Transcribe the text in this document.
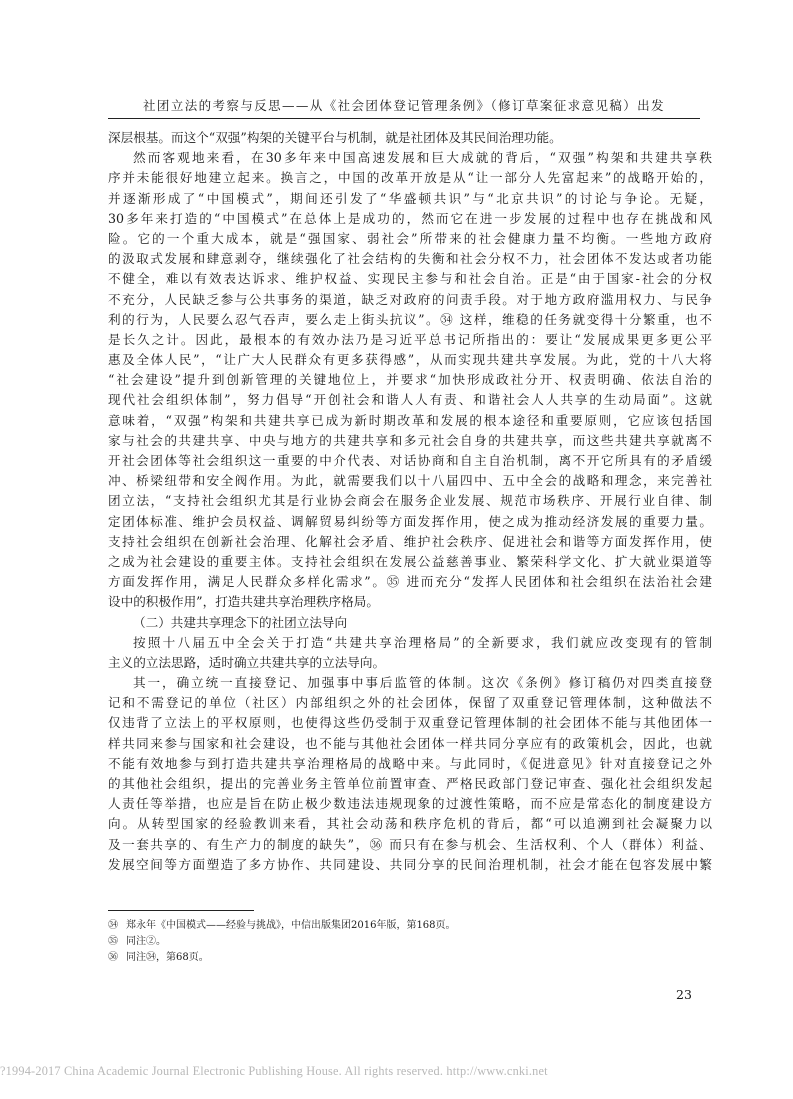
社团立法的考察与反思——从《社会团体登记管理条例》（修订草案征求意见稿）出发
深层根基。而这个“双强”构架的关键平台与机制，就是社团体及其民间治理功能。
然而客观地来看，在30多年来中国高速发展和巨大成就的背后，“双强”构架和共建共享秩
序并未能很好地建立起来。换言之，中国的改革开放是从“让一部分人先富起来”的战略开始的，
并逐渐形成了“中国模式”，期间还引发了“华盛顿共识”与“北京共识”的讨论与争论。无疑，
30多年来打造的“中国模式”在总体上是成功的，然而它在进一步发展的过程中也存在挑战和风
险。它的一个重大成本，就是“强国家、弱社会”所带来的社会健康力量不均衡。一些地方政府
的汲取式发展和肆意剥夺，继续强化了社会结构的失衡和社会分权不力，社会团体不发达或者功能
不健全，难以有效表达诉求、维护权益、实现民主参与和社会自治。正是“由于国家-社会的分权
不充分，人民缺乏参与公共事务的渠道，缺乏对政府的问责手段。对于地方政府滥用权力、与民争
利的行为，人民要么忍气吞声，要么走上街头抗议”。㉞ 这样，维稳的任务就变得十分繁重，也不
是长久之计。因此，最根本的有效办法乃是习近平总书记所指出的：要让“发展成果更多更公平
惠及全体人民”，“让广大人民群众有更多获得感”，从而实现共建共享发展。为此，党的十八大将
“社会建设”提升到创新管理的关键地位上，并要求“加快形成政社分开、权责明确、依法自治的
现代社会组织体制”，努力倡导“开创社会和谐人人有责、和谐社会人人共享的生动局面”。这就
意味着，“双强”构架和共建共享已成为新时期改革和发展的根本途径和重要原则，它应该包括国
家与社会的共建共享、中央与地方的共建共享和多元社会自身的共建共享，而这些共建共享就离不
开社会团体等社会组织这一重要的中介代表、对话协商和自主自治机制，离不开它所具有的矛盾缓
冲、桥梁纽带和安全阀作用。为此，就需要我们以十八届四中、五中全会的战略和理念，来完善社
团立法，“支持社会组织尤其是行业协会商会在服务企业发展、规范市场秩序、开展行业自律、制
定团体标准、维护会员权益、调解贸易纠纷等方面发挥作用，使之成为推动经济发展的重要力量。
支持社会组织在创新社会治理、化解社会矛盾、维护社会秩序、促进社会和谐等方面发挥作用，使
之成为社会建设的重要主体。支持社会组织在发展公益慈善事业、繁荣科学文化、扩大就业渠道等
方面发挥作用，满足人民群众多样化需求”。㉟ 进而充分“发挥人民团体和社会组织在法治社会建
设中的积极作用”，打造共建共享治理秩序格局。
（二）共建共享理念下的社团立法导向
按照十八届五中全会关于打造“共建共享治理格局”的全新要求，我们就应改变现有的管制
主义的立法思路，适时确立共建共享的立法导向。
其一，确立统一直接登记、加强事中事后监管的体制。这次《条例》修订稿仍对四类直接登
记和不需登记的单位（社区）内部组织之外的社会团体，保留了双重登记管理体制，这种做法不
仅违背了立法上的平权原则，也使得这些仍受制于双重登记管理体制的社会团体不能与其他团体一
样共同来参与国家和社会建设，也不能与其他社会团体一样共同分享应有的政策机会，因此，也就
不能有效地参与到打造共建共享治理格局的战略中来。与此同时，《促进意见》针对直接登记之外
的其他社会组织，提出的完善业务主管单位前置审查、严格民政部门登记审查、强化社会组织发起
人责任等举措，也应是旨在防止极少数违法违规现象的过渡性策略，而不应是常态化的制度建设方
向。从转型国家的经验教训来看，其社会动荡和秩序危机的背后，都“可以追溯到社会凝聚力以
及一套共享的、有生产力的制度的缺失”，㊱ 而只有在参与机会、生活权利、个人（群体）利益、
发展空间等方面塑造了多方协作、共同建设、共同分享的民间治理机制，社会才能在包容发展中繁
㉞ 郑永年《中国模式——经验与挑战》，中信出版集团2016年版，第168页。
㉟ 同注②。
㊱ 同注㉞，第68页。
23
?1994-2017 China Academic Journal Electronic Publishing House. All rights reserved. http://www.cnki.net
